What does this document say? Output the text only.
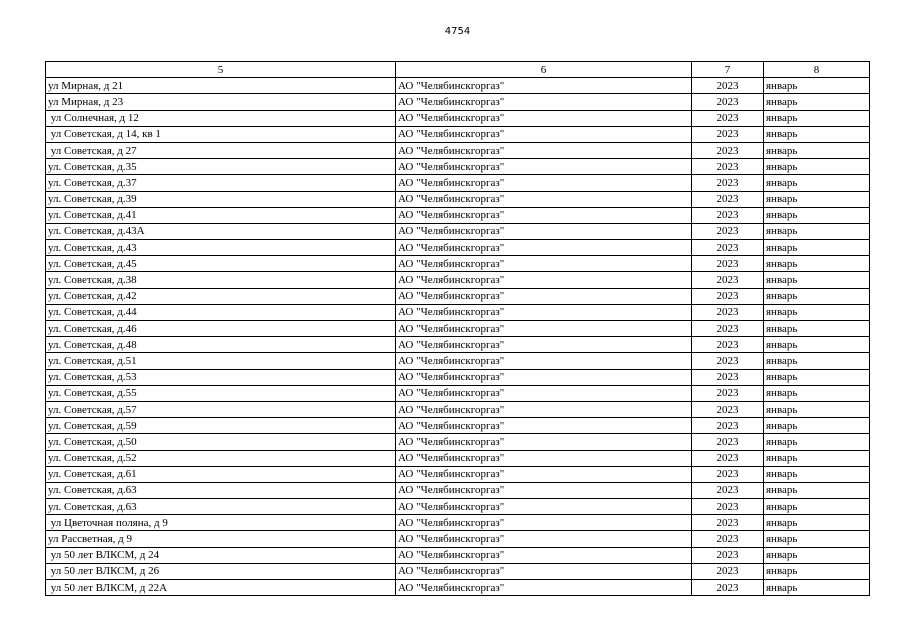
4754
5	6	7	8
ул Мирная, д 21	АО "Челябинскгоргаз"	2023	январь
ул Мирная, д 23	АО "Челябинскгоргаз"	2023	январь
ул Солнечная, д 12	АО "Челябинскгоргаз"	2023	январь
ул Советская, д 14, кв 1	АО "Челябинскгоргаз"	2023	январь
ул Советская, д 27	АО "Челябинскгоргаз"	2023	январь
ул. Советская, д.35	АО "Челябинскгоргаз"	2023	январь
ул. Советская, д.37	АО "Челябинскгоргаз"	2023	январь
ул. Советская, д.39	АО "Челябинскгоргаз"	2023	январь
ул. Советская, д.41	АО "Челябинскгоргаз"	2023	январь
ул. Советская, д.43А	АО "Челябинскгоргаз"	2023	январь
ул. Советская, д.43	АО "Челябинскгоргаз"	2023	январь
ул. Советская, д.45	АО "Челябинскгоргаз"	2023	январь
ул. Советская, д.38	АО "Челябинскгоргаз"	2023	январь
ул. Советская, д.42	АО "Челябинскгоргаз"	2023	январь
ул. Советская, д.44	АО "Челябинскгоргаз"	2023	январь
ул. Советская, д.46	АО "Челябинскгоргаз"	2023	январь
ул. Советская, д.48	АО "Челябинскгоргаз"	2023	январь
ул. Советская, д.51	АО "Челябинскгоргаз"	2023	январь
ул. Советская, д.53	АО "Челябинскгоргаз"	2023	январь
ул. Советская, д.55	АО "Челябинскгоргаз"	2023	январь
ул. Советская, д.57	АО "Челябинскгоргаз"	2023	январь
ул. Советская, д.59	АО "Челябинскгоргаз"	2023	январь
ул. Советская, д.50	АО "Челябинскгоргаз"	2023	январь
ул. Советская, д.52	АО "Челябинскгоргаз"	2023	январь
ул. Советская, д.61	АО "Челябинскгоргаз"	2023	январь
ул. Советская, д.63	АО "Челябинскгоргаз"	2023	январь
ул. Советская, д.63	АО "Челябинскгоргаз"	2023	январь
ул Цветочная поляна, д 9	АО "Челябинскгоргаз"	2023	январь
ул Рассветная, д 9	АО "Челябинскгоргаз"	2023	январь
ул 50 лет ВЛКСМ, д 24	АО "Челябинскгоргаз"	2023	январь
ул 50 лет ВЛКСМ, д 26	АО "Челябинскгоргаз"	2023	январь
ул 50 лет ВЛКСМ, д 22А	АО "Челябинскгоргаз"	2023	январь
